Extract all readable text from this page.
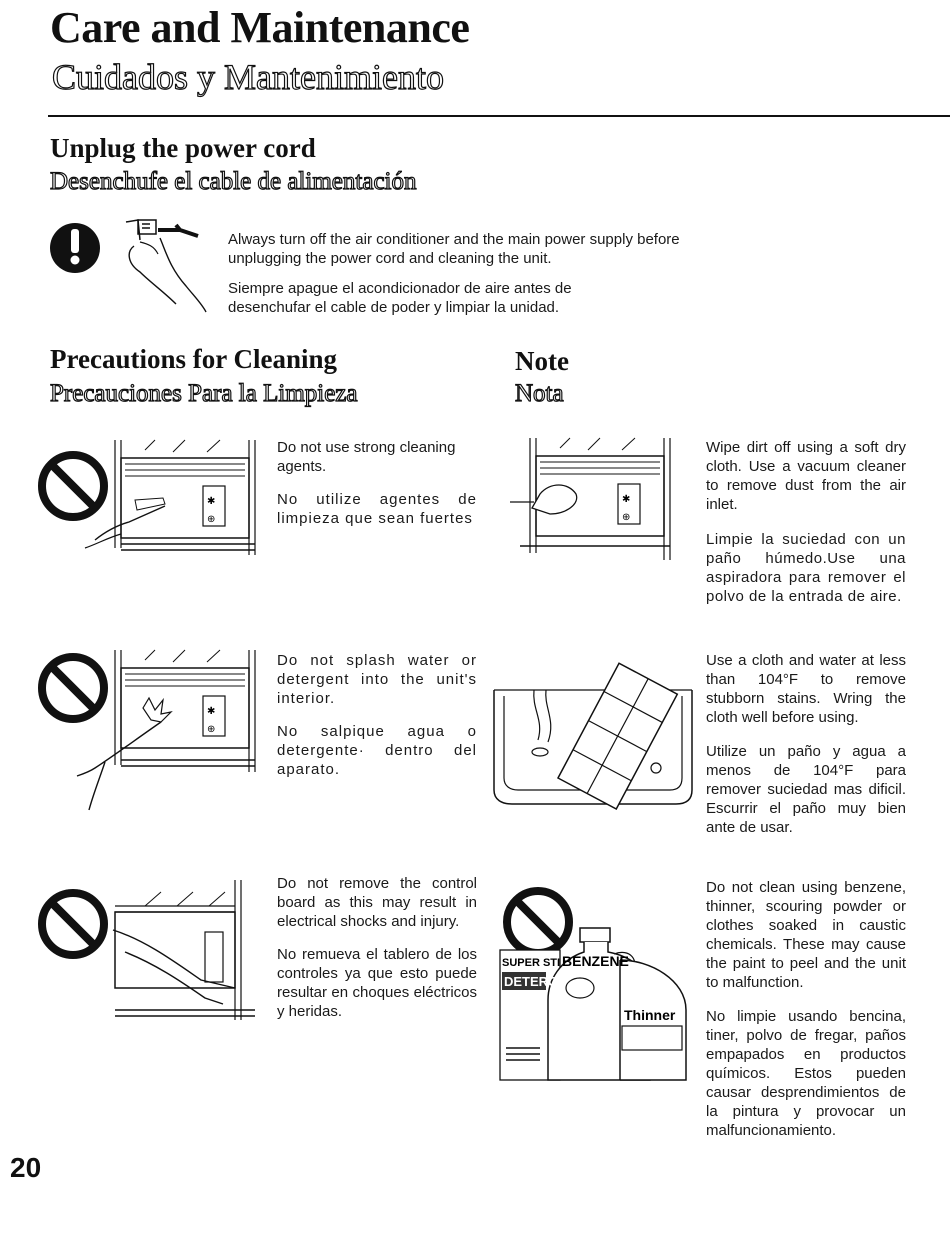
Care and Maintenance
Cuidados y Mantenimiento
Unplug the power cord
Desenchufe el cable de alimentación
Always turn off the air conditioner and the main power supply before unplugging the power cord and cleaning the unit.
Siempre apague el acondicionador de aire antes de desenchufar el cable de poder y limpiar la unidad.
Precautions for Cleaning
Precauciones Para la Limpieza
Note
Nota
✱
⊕
✱
⊕
✱
⊕
SUPER STI
DETERG
BENZENE
Thinner
Do not use strong cleaning agents.
No utilize agentes de limpieza que sean fuertes
Do not splash water or detergent into the unit's interior.
No salpique agua o detergente· dentro del aparato.
Do not remove the control board as this may result in electrical shocks and injury.
No remueva el tablero de los controles ya que esto puede resultar en choques eléctricos y heridas.
Wipe dirt off using a soft dry cloth. Use a vacuum cleaner to remove dust from the air inlet.
Limpie la suciedad con un paño húmedo.Use una aspiradora para remover el polvo de la entrada de aire.
Use a cloth and water at less than 104°F to remove stubborn stains. Wring the cloth well before using.
Utilize un paño y agua a menos de 104°F para remover suciedad mas dificil. Escurrir el paño muy bien ante de usar.
Do not clean using benzene, thinner, scouring powder or clothes soaked in caustic chemicals. These may cause the paint to peel and the unit to malfunction.
No limpie usando bencina, tiner, polvo de fregar, paños empapados en productos químicos. Estos pueden causar desprendimientos de la pintura y provocar un malfuncionamiento.
20
